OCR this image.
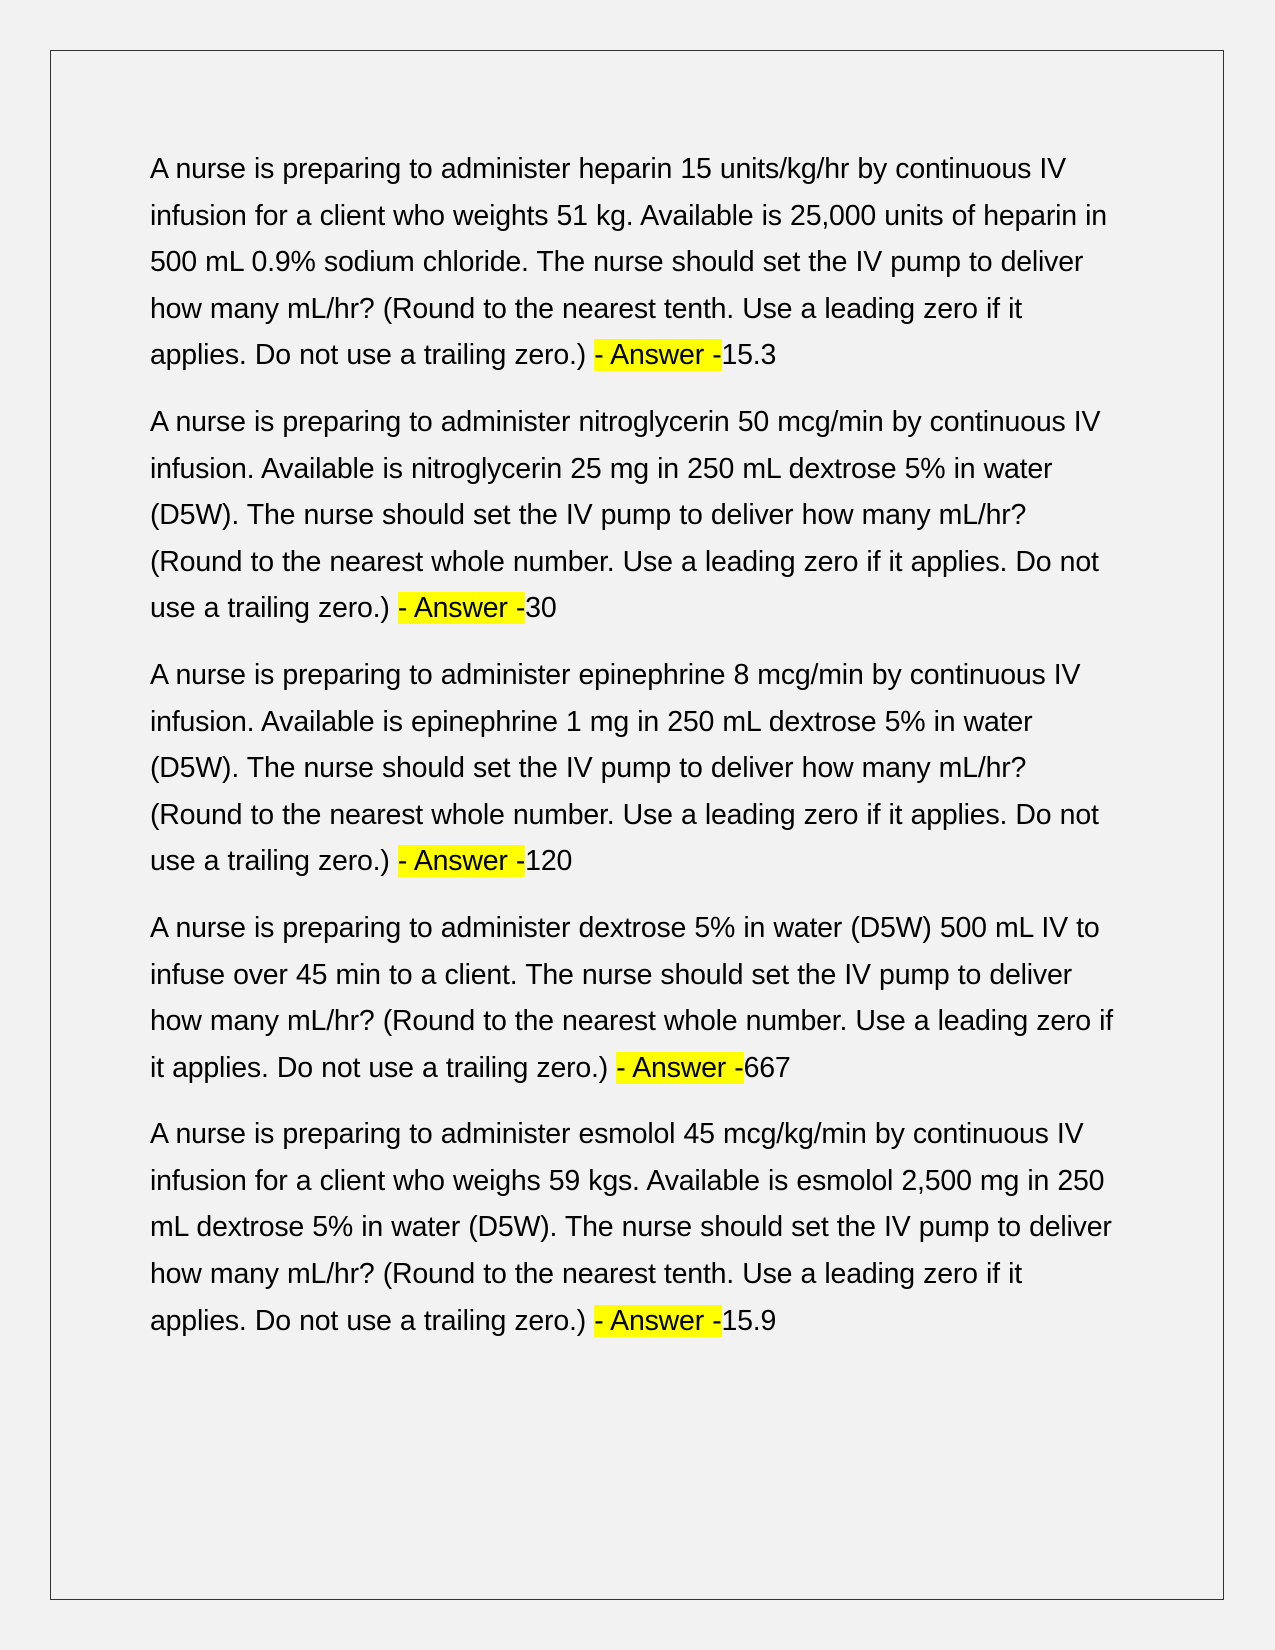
A nurse is preparing to administer heparin 15 units/kg/hr by continuous IV infusion for a client who weights 51 kg. Available is 25,000 units of heparin in 500 mL 0.9% sodium chloride. The nurse should set the IV pump to deliver how many mL/hr? (Round to the nearest tenth. Use a leading zero if it applies. Do not use a trailing zero.) - Answer -15.3

A nurse is preparing to administer nitroglycerin 50 mcg/min by continuous IV infusion. Available is nitroglycerin 25 mg in 250 mL dextrose 5% in water (D5W). The nurse should set the IV pump to deliver how many mL/hr? (Round to the nearest whole number. Use a leading zero if it applies. Do not use a trailing zero.) - Answer -30

A nurse is preparing to administer epinephrine 8 mcg/min by continuous IV infusion. Available is epinephrine 1 mg in 250 mL dextrose 5% in water (D5W). The nurse should set the IV pump to deliver how many mL/hr? (Round to the nearest whole number. Use a leading zero if it applies. Do not use a trailing zero.) - Answer -120

A nurse is preparing to administer dextrose 5% in water (D5W) 500 mL IV to infuse over 45 min to a client. The nurse should set the IV pump to deliver how many mL/hr? (Round to the nearest whole number. Use a leading zero if it applies. Do not use a trailing zero.) - Answer -667

A nurse is preparing to administer esmolol 45 mcg/kg/min by continuous IV infusion for a client who weighs 59 kgs. Available is esmolol 2,500 mg in 250 mL dextrose 5% in water (D5W). The nurse should set the IV pump to deliver how many mL/hr? (Round to the nearest tenth. Use a leading zero if it applies. Do not use a trailing zero.) - Answer -15.9
